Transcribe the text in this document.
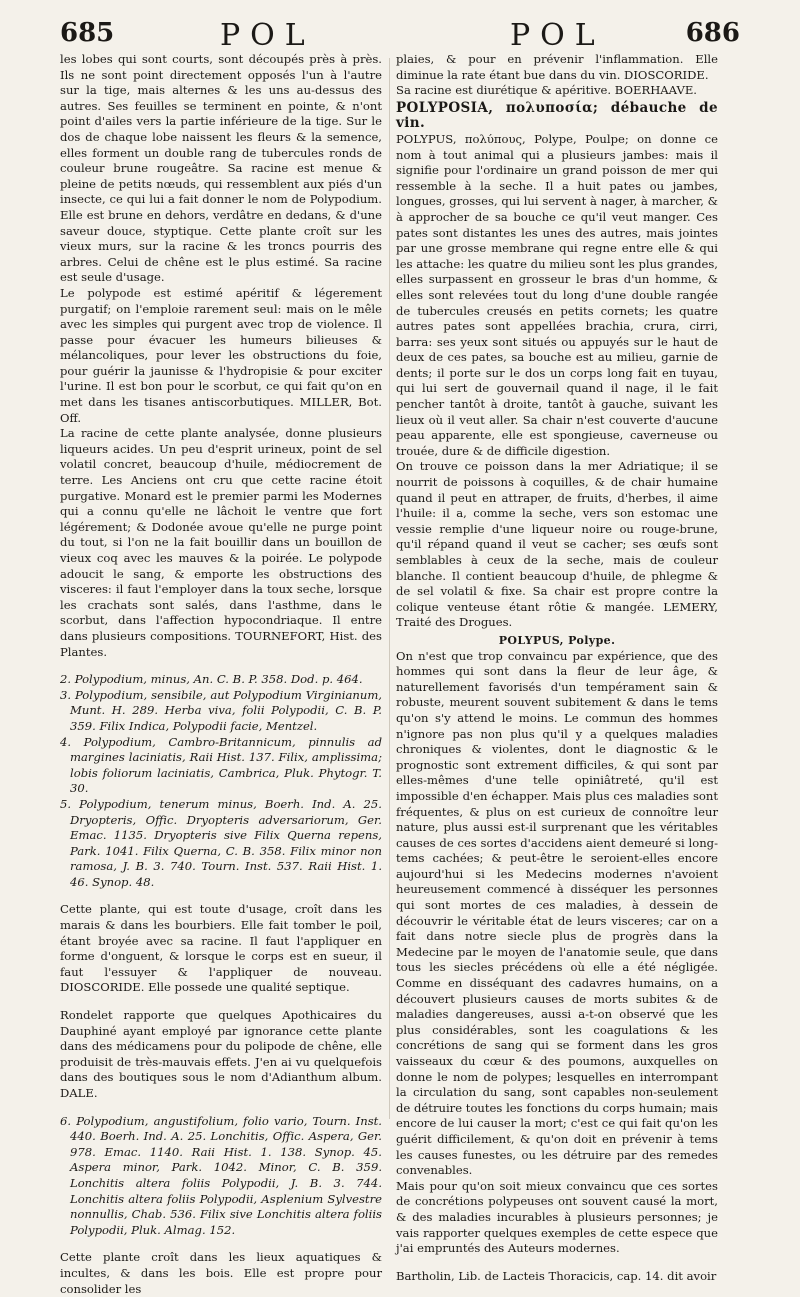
685	POL	POL	686

les lobes qui sont courts, sont découpés près à près. Ils ne sont point directement opposés l'un à l'autre sur la tige, mais alternes & les uns au-dessus des autres. Ses feuilles se terminent en pointe, & n'ont point d'ailes vers la partie inférieure de la tige. Sur le dos de chaque lobe naissent les fleurs & la semence, elles forment un double rang de tubercules ronds de couleur brune rougeâtre. Sa racine est menue & pleine de petits nœuds, qui ressemblent aux piés d'un insecte, ce qui lui a fait donner le nom de Polypodium. Elle est brune en dehors, verdâtre en dedans, & d'une saveur douce, styptique. Cette plante croît sur les vieux murs, sur la racine & les troncs pourris des arbres. Celui de chêne est le plus estimé. Sa racine est seule d'usage.

Le polypode est estimé apéritif & légerement purgatif; on l'emploie rarement seul: mais on le mêle avec les simples qui purgent avec trop de violence. Il passe pour évacuer les humeurs bilieuses & mélancoliques, pour lever les obstructions du foie, pour guérir la jaunisse & l'hydropisie & pour exciter l'urine. Il est bon pour le scorbut, ce qui fait qu'on en met dans les tisanes antiscorbutiques. MILLER, Bot. Off.

La racine de cette plante analysée, donne plusieurs liqueurs acides. Un peu d'esprit urineux, point de sel volatil concret, beaucoup d'huile, médiocrement de terre. Les Anciens ont cru que cette racine étoit purgative. Monard est le premier parmi les Modernes qui a connu qu'elle ne lâchoit le ventre que fort légérement; & Dodonée avoue qu'elle ne purge point du tout, si l'on ne la fait bouillir dans un bouillon de vieux coq avec les mauves & la poirée. Le polypode adoucit le sang, & emporte les obstructions des visceres: il faut l'employer dans la toux seche, lorsque les crachats sont salés, dans l'asthme, dans le scorbut, dans l'affection hypocondriaque. Il entre dans plusieurs compositions. TOURNEFORT, Hist. des Plantes.

2. Polypodium, minus, An. C. B. P. 358. Dod. p. 464.

3. Polypodium, sensibile, aut Polypodium Virginianum, Munt. H. 289. Herba viva, folii Polypodii, C. B. P. 359. Filix Indica, Polypodii facie, Mentzel.

4. Polypodium, Cambro-Britannicum, pinnulis ad margines laciniatis, Raii Hist. 137. Filix, amplissima; lobis foliorum laciniatis, Cambrica, Pluk. Phytogr. T. 30.

5. Polypodium, tenerum minus, Boerh. Ind. A. 25. Dryopteris, Offic. Dryopteris adversariorum, Ger. Emac. 1135. Dryopteris sive Filix Querna repens, Park. 1041. Filix Querna, C. B. 358. Filix minor non ramosa, J. B. 3. 740. Tourn. Inst. 537. Raii Hist. 1. 46. Synop. 48.

Cette plante, qui est toute d'usage, croît dans les marais & dans les bourbiers. Elle fait tomber le poil, étant broyée avec sa racine. Il faut l'appliquer en forme d'onguent, & lorsque le corps est en sueur, il faut l'essuyer & l'appliquer de nouveau. DIOSCORIDE. Elle possede une qualité septique.

Rondelet rapporte que quelques Apothicaires du Dauphiné ayant employé par ignorance cette plante dans des médicamens pour du polipode de chêne, elle produisit de très-mauvais effets. J'en ai vu quelquefois dans des boutiques sous le nom d'Adianthum album. DALE.

6. Polypodium, angustifolium, folio vario, Tourn. Inst. 440. Boerh. Ind. A. 25. Lonchitis, Offic. Aspera, Ger. 978. Emac. 1140. Raii Hist. 1. 138. Synop. 45. Aspera minor, Park. 1042. Minor, C. B. 359. Lonchitis altera foliis Polypodii, J. B. 3. 744. Lonchitis altera foliis Polypodii, Asplenium Sylvestre nonnullis, Chab. 536. Filix sive Lonchitis altera foliis Polypodii, Pluk. Almag. 152.

Cette plante croît dans les lieux aquatiques & incultes, & dans les bois. Elle est propre pour consolider les

plaies, & pour en prévenir l'inflammation. Elle diminue la rate étant bue dans du vin. DIOSCORIDE.

Sa racine est diurétique & apéritive. BOERHAAVE.

POLYPOSIA, πολυποσία; débauche de vin.

POLYPUS, πολύπους, Polype, Poulpe; on donne ce nom à tout animal qui a plusieurs jambes: mais il signifie pour l'ordinaire un grand poisson de mer qui ressemble à la seche. Il a huit pates ou jambes, longues, grosses, qui lui servent à nager, à marcher, & à approcher de sa bouche ce qu'il veut manger. Ces pates sont distantes les unes des autres, mais jointes par une grosse membrane qui regne entre elle & qui les attache: les quatre du milieu sont les plus grandes, elles surpassent en grosseur le bras d'un homme, & elles sont relevées tout du long d'une double rangée de tubercules creusés en petits cornets; les quatre autres pates sont appellées brachia, crura, cirri, barra: ses yeux sont situés ou appuyés sur le haut de deux de ces pates, sa bouche est au milieu, garnie de dents; il porte sur le dos un corps long fait en tuyau, qui lui sert de gouvernail quand il nage, il le fait pencher tantôt à droite, tantôt à gauche, suivant les lieux où il veut aller. Sa chair n'est couverte d'aucune peau apparente, elle est spongieuse, caverneuse ou trouée, dure & de difficile digestion.

On trouve ce poisson dans la mer Adriatique; il se nourrit de poissons à coquilles, & de chair humaine quand il peut en attraper, de fruits, d'herbes, il aime l'huile: il a, comme la seche, vers son estomac une vessie remplie d'une liqueur noire ou rouge-brune, qu'il répand quand il veut se cacher; ses œufs sont semblables à ceux de la seche, mais de couleur blanche. Il contient beaucoup d'huile, de phlegme & de sel volatil & fixe. Sa chair est propre contre la colique venteuse étant rôtie & mangée. LEMERY, Traité des Drogues.

POLYPUS, Polype.

On n'est que trop convaincu par expérience, que des hommes qui sont dans la fleur de leur âge, & naturellement favorisés d'un tempérament sain & robuste, meurent souvent subitement & dans le tems qu'on s'y attend le moins. Le commun des hommes n'ignore pas non plus qu'il y a quelques maladies chroniques & violentes, dont le diagnostic & le prognostic sont extrement difficiles, & qui sont par elles-mêmes d'une telle opiniâtreté, qu'il est impossible d'en échapper. Mais plus ces maladies sont fréquentes, & plus on est curieux de connoître leur nature, plus aussi est-il surprenant que les véritables causes de ces sortes d'accidens aient demeuré si long-tems cachées; & peut-être le seroient-elles encore aujourd'hui si les Medecins modernes n'avoient heureusement commencé à disséquer les personnes qui sont mortes de ces maladies, à dessein de découvrir le véritable état de leurs visceres; car on a fait dans notre siecle plus de progrès dans la Medecine par le moyen de l'anatomie seule, que dans tous les siecles précédens où elle a été négligée. Comme en disséquant des cadavres humains, on a découvert plusieurs causes de morts subites & de maladies dangereuses, aussi a-t-on observé que les plus considérables, sont les coagulations & les concrétions de sang qui se forment dans les gros vaisseaux du cœur & des poumons, auxquelles on donne le nom de polypes; lesquelles en interrompant la circulation du sang, sont capables non-seulement de détruire toutes les fonctions du corps humain; mais encore de lui causer la mort; c'est ce qui fait qu'on les guérit difficilement, & qu'on doit en prévenir à tems les causes funestes, ou les détruire par des remedes convenables.

Mais pour qu'on soit mieux convaincu que ces sortes de concrétions polypeuses ont souvent causé la mort, & des maladies incurables à plusieurs personnes; je vais rapporter quelques exemples de cette espece que j'ai empruntés des Auteurs modernes.

Bartholin, Lib. de Lacteis Thoracicis, cap. 14. dit avoir
